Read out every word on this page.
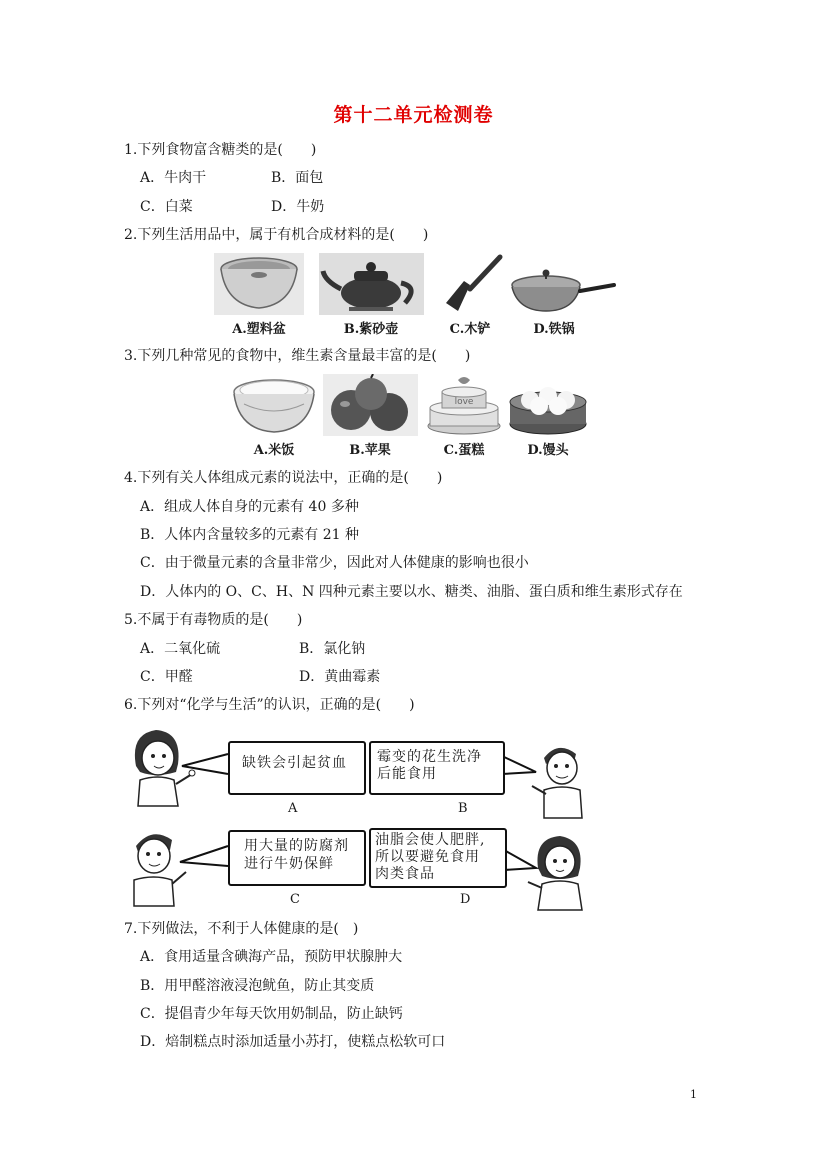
第十二单元检测卷
1.下列食物富含糖类的是(　　)
A．牛肉干	B．面包
C．白菜	D．牛奶
2.下列生活用品中，属于有机合成材料的是(　　)
A.塑料盆	B.紫砂壶	C.木铲	D.铁锅
3.下列几种常见的食物中，维生素含量最丰富的是(　　)
love
A.米饭	B.苹果	C.蛋糕	D.馒头
4.下列有关人体组成元素的说法中，正确的是(　　)
A．组成人体自身的元素有 40 多种
B．人体内含量较多的元素有 21 种
C．由于微量元素的含量非常少，因此对人体健康的影响也很小
D．人体内的 O、C、H、N 四种元素主要以水、糖类、油脂、蛋白质和维生素形式存在
5.不属于有毒物质的是(　　)
A．二氧化硫	B．氯化钠
C．甲醛	D．黄曲霉素
6.下列对“化学与生活”的认识，正确的是(　　)
缺铁会引起贫血
A
霉变的花生洗净
后能食用
B
用大量的防腐剂
进行牛奶保鲜
C
油脂会使人肥胖,
所以要避免食用
肉类食品
D
7.下列做法，不利于人体健康的是(　)
A．食用适量含碘海产品，预防甲状腺肿大
B．用甲醛溶液浸泡鱿鱼，防止其变质
C．提倡青少年每天饮用奶制品，防止缺钙
D．焙制糕点时添加适量小苏打，使糕点松软可口
1
